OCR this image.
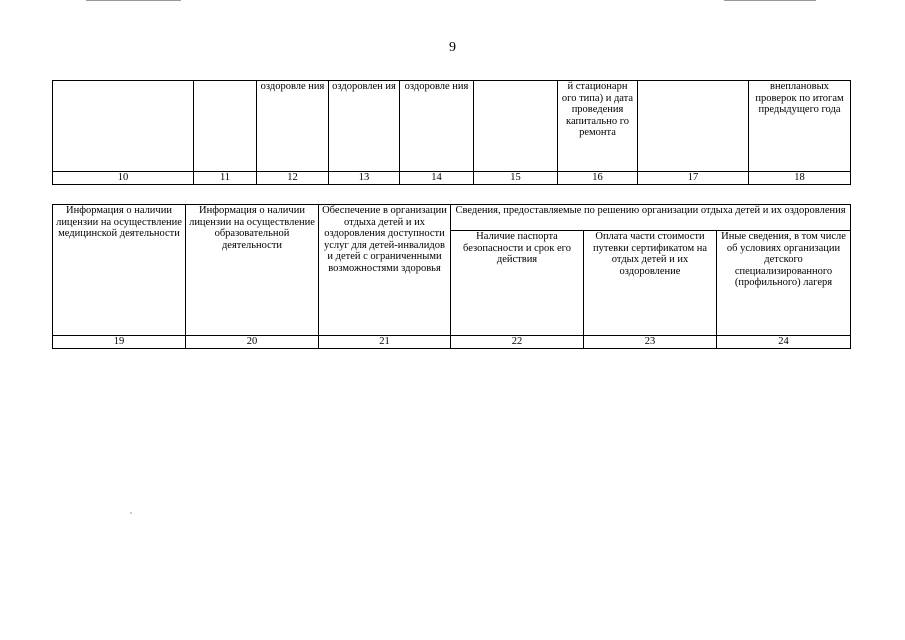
9
		оздоровле ния	оздоровлен ия	оздоровле ния		й стационарн ого типа) и дата проведения капитально го ремонта		внеплановых проверок по итогам предыдущего года
10	11	12	13	14	15	16	17	18
Информация о наличии лицензии на осуществление медицинской деятельности	Информация о наличии лицензии на осуществление образовательной деятельности	Обеспечение в организации отдыха детей и их оздоровления доступности услуг для детей-инвалидов и детей с ограниченными возможностями здоровья	Сведения, предоставляемые по решению организации отдыха детей и их оздоровления		
			Наличие паспорта безопасности и срок его действия	Оплата части стоимости путевки сертификатом на отдых детей и их оздоровление	Иные сведения, в том числе об условиях организации детского специализированного (профильного) лагеря
19	20	21	22	23	24
